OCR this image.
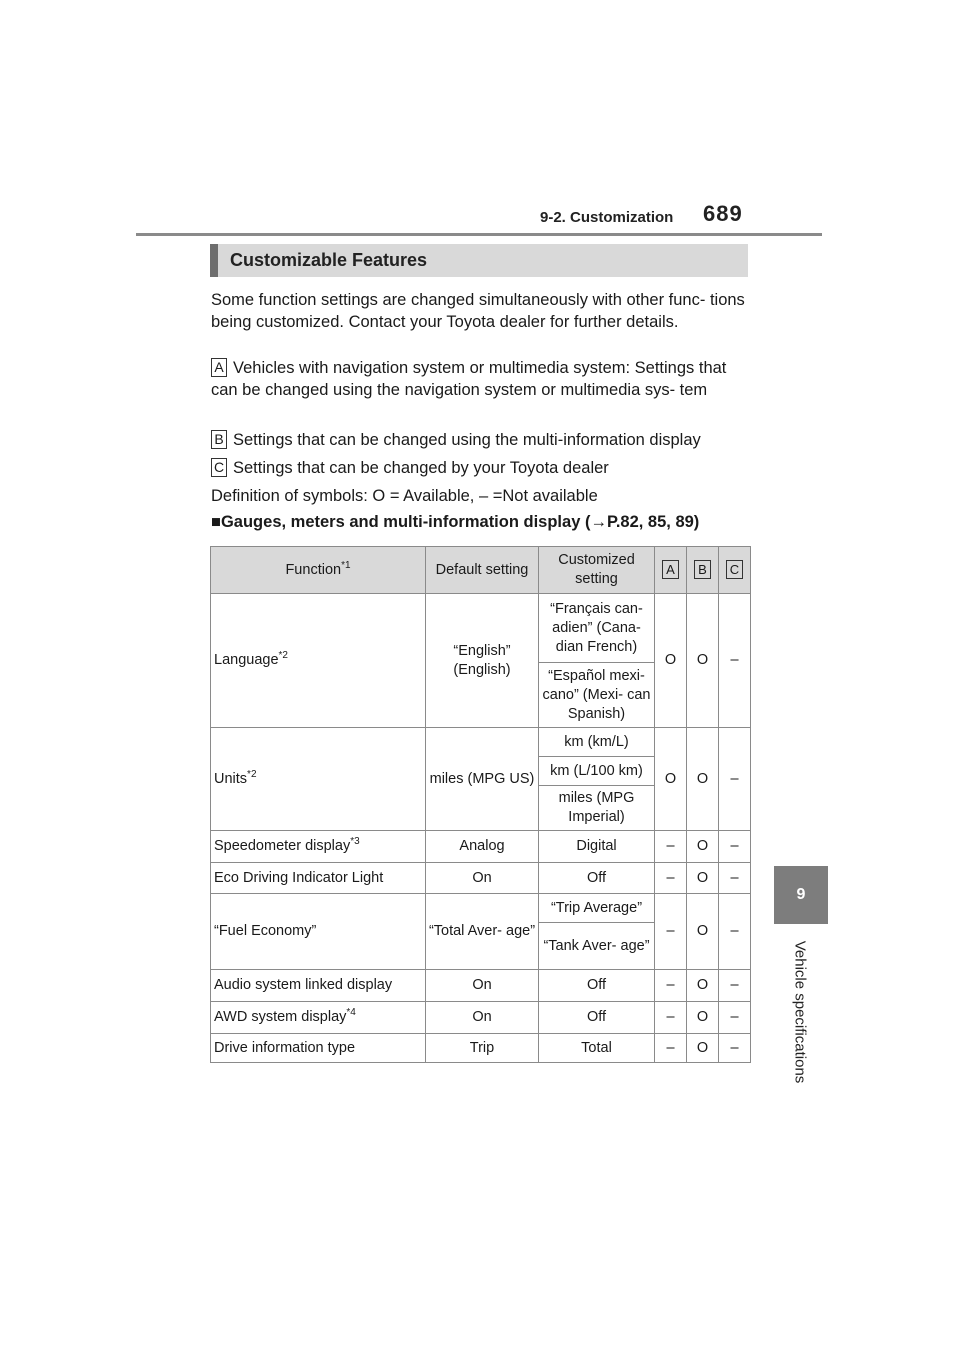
9-2. Customization 689
9
Vehicle specifications
Customizable Features
Some function settings are changed simultaneously with other func- tions being customized. Contact your Toyota dealer for further details.
A Vehicles with navigation system or multimedia system: Settings that can be changed using the navigation system or multimedia sys- tem
B Settings that can be changed using the multi-information display
C Settings that can be changed by your Toyota dealer
Definition of symbols: O = Available, – =Not available
■Gauges, meters and multi-information display (→P.82, 85, 89)
Function$^{*1}$	Default setting	Customized setting	A	B	C
Language$^{*2}$	“English” (English)	“Français can- adien” (Cana- dian French)	O	O	–
		“Español mexi- cano” (Mexi- can Spanish)			
Units$^{*2}$	miles (MPG US)	km (km/L)	O	O	–
		km (L/100 km)			
		miles (MPG Imperial)			
Speedometer display$^{*3}$	Analog	Digital	–	O	–
Eco Driving Indicator Light	On	Off	–	O	–
“Fuel Economy”	“Total Aver- age”	“Trip Average”	–	O	–
		“Tank Aver- age”			
Audio system linked display	On	Off	–	O	–
AWD system display$^{*4}$	On	Off	–	O	–
Drive information type	Trip	Total	–	O	–
